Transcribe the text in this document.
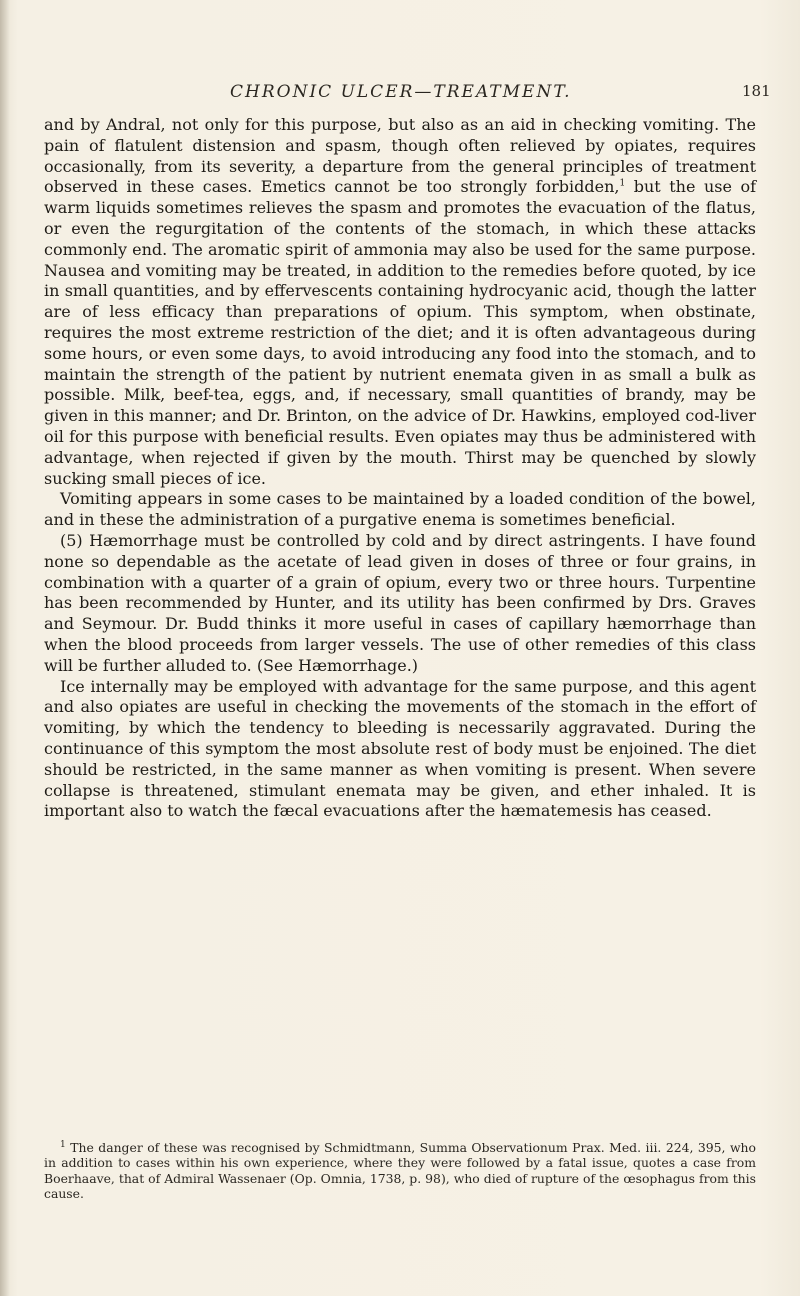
CHRONIC ULCER—TREATMENT.	181

and by Andral, not only for this purpose, but also as an aid in checking vomiting. The pain of flatulent distension and spasm, though often relieved by opiates, requires occasionally, from its severity, a departure from the general principles of treatment observed in these cases. Emetics cannot be too strongly forbidden,$^1$ but the use of warm liquids sometimes relieves the spasm and promotes the evacuation of the flatus, or even the regurgitation of the contents of the stomach, in which these attacks commonly end. The aromatic spirit of ammonia may also be used for the same purpose. Nausea and vomiting may be treated, in addition to the remedies before quoted, by ice in small quantities, and by effervescents containing hydrocyanic acid, though the latter are of less efficacy than preparations of opium. This symptom, when obstinate, requires the most extreme restriction of the diet; and it is often advantageous during some hours, or even some days, to avoid introducing any food into the stomach, and to maintain the strength of the patient by nutrient enemata given in as small a bulk as possible. Milk, beef-tea, eggs, and, if necessary, small quantities of brandy, may be given in this manner; and Dr. Brinton, on the advice of Dr. Hawkins, employed cod-liver oil for this purpose with beneficial results. Even opiates may thus be administered with advantage, when rejected if given by the mouth. Thirst may be quenched by slowly sucking small pieces of ice.

Vomiting appears in some cases to be maintained by a loaded condition of the bowel, and in these the administration of a purgative enema is sometimes beneficial.

(5) Hæmorrhage must be controlled by cold and by direct astringents. I have found none so dependable as the acetate of lead given in doses of three or four grains, in combination with a quarter of a grain of opium, every two or three hours. Turpentine has been recommended by Hunter, and its utility has been confirmed by Drs. Graves and Seymour. Dr. Budd thinks it more useful in cases of capillary hæmorrhage than when the blood proceeds from larger vessels. The use of other remedies of this class will be further alluded to. (See Hæmorrhage.)

Ice internally may be employed with advantage for the same purpose, and this agent and also opiates are useful in checking the movements of the stomach in the effort of vomiting, by which the tendency to bleeding is necessarily aggravated. During the continuance of this symptom the most absolute rest of body must be enjoined. The diet should be restricted, in the same manner as when vomiting is present. When severe collapse is threatened, stimulant enemata may be given, and ether inhaled. It is important also to watch the fæcal evacuations after the hæmatemesis has ceased.

$^1$ The danger of these was recognised by Schmidtmann, Summa Observationum Prax. Med. iii. 224, 395, who in addition to cases within his own experience, where they were followed by a fatal issue, quotes a case from Boerhaave, that of Admiral Wassenaer (Op. Omnia, 1738, p. 98), who died of rupture of the œsophagus from this cause.
